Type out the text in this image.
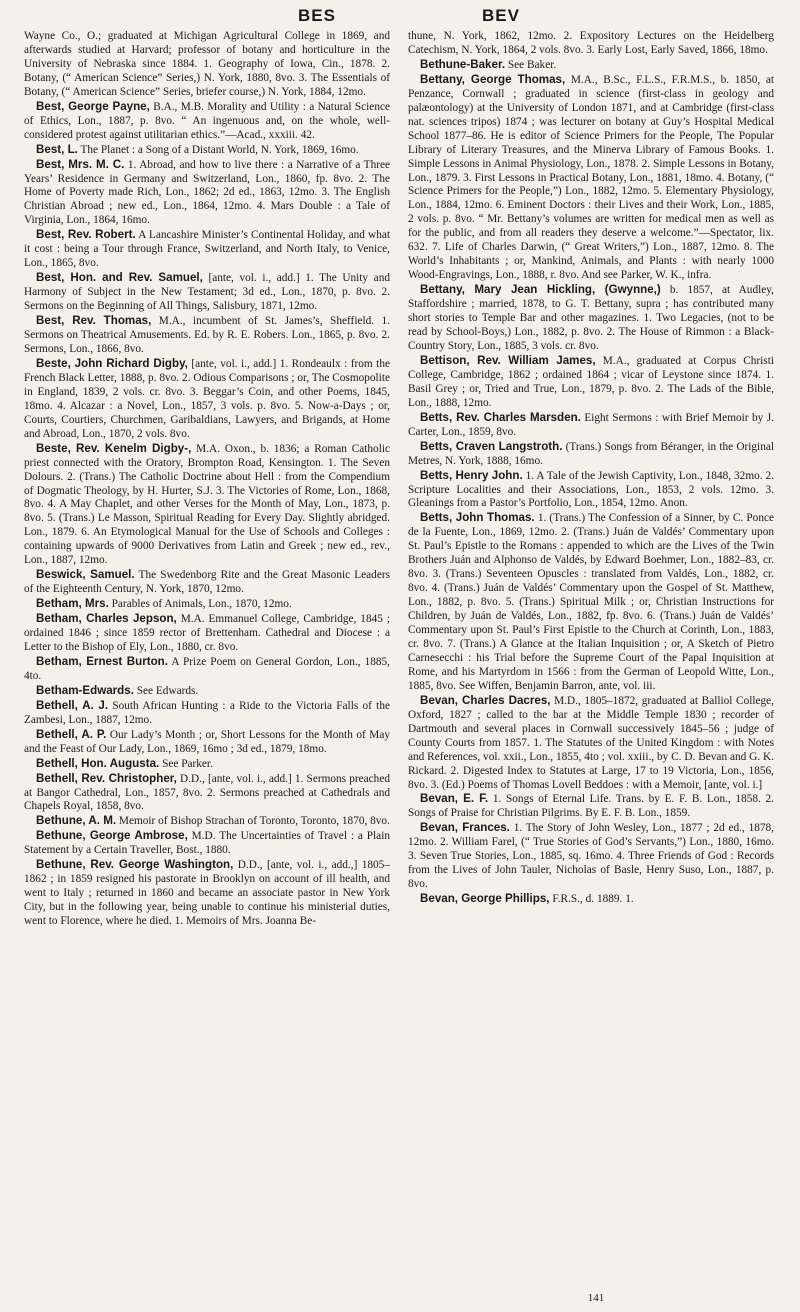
BES	BEV

Wayne Co., O.; graduated at Michigan Agricultural College in 1869, and afterwards studied at Harvard; professor of botany and horticulture in the University of Nebraska since 1884. 1. Geography of Iowa, Cin., 1878. 2. Botany, (“ American Science” Series,) N. York, 1880, 8vo. 3. The Essentials of Botany, (“ American Science” Series, briefer course,) N. York, 1884, 12mo.

Best, George Payne, B.A., M.B. Morality and Utility : a Natural Science of Ethics, Lon., 1887, p. 8vo. “ An ingenuous and, on the whole, well-considered protest against utilitarian ethics.”—Acad., xxxiii. 42.

Best, L. The Planet : a Song of a Distant World, N. York, 1869, 16mo.

Best, Mrs. M. C. 1. Abroad, and how to live there : a Narrative of a Three Years’ Residence in Germany and Switzerland, Lon., 1860, fp. 8vo. 2. The Home of Poverty made Rich, Lon., 1862; 2d ed., 1863, 12mo. 3. The English Christian Abroad ; new ed., Lon., 1864, 12mo. 4. Mars Double : a Tale of Virginia, Lon., 1864, 16mo.

Best, Rev. Robert. A Lancashire Minister’s Continental Holiday, and what it cost : being a Tour through France, Switzerland, and North Italy, to Venice, Lon., 1865, 8vo.

Best, Hon. and Rev. Samuel, [ante, vol. i., add.] 1. The Unity and Harmony of Subject in the New Testament; 3d ed., Lon., 1870, p. 8vo. 2. Sermons on the Beginning of All Things, Salisbury, 1871, 12mo.

Best, Rev. Thomas, M.A., incumbent of St. James’s, Sheffield. 1. Sermons on Theatrical Amusements. Ed. by R. E. Robers. Lon., 1865, p. 8vo. 2. Sermons, Lon., 1866, 8vo.

Beste, John Richard Digby, [ante, vol. i., add.] 1. Rondeaulx : from the French Black Letter, 1888, p. 8vo. 2. Odious Comparisons ; or, The Cosmopolite in England, 1839, 2 vols. cr. 8vo. 3. Beggar’s Coin, and other Poems, 1845, 18mo. 4. Alcazar : a Novel, Lon., 1857, 3 vols. p. 8vo. 5. Now-a-Days ; or, Courts, Courtiers, Churchmen, Garibaldians, Lawyers, and Brigands, at Home and Abroad, Lon., 1870, 2 vols. 8vo.

Beste, Rev. Kenelm Digby-, M.A. Oxon., b. 1836; a Roman Catholic priest connected with the Oratory, Brompton Road, Kensington. 1. The Seven Dolours. 2. (Trans.) The Catholic Doctrine about Hell : from the Compendium of Dogmatic Theology, by H. Hurter, S.J. 3. The Victories of Rome, Lon., 1868, 8vo. 4. A May Chaplet, and other Verses for the Month of May, Lon., 1873, p. 8vo. 5. (Trans.) Le Masson, Spiritual Reading for Every Day. Slightly abridged. Lon., 1879. 6. An Etymological Manual for the Use of Schools and Colleges : containing upwards of 9000 Derivatives from Latin and Greek ; new ed., rev., Lon., 1887, 12mo.

Beswick, Samuel. The Swedenborg Rite and the Great Masonic Leaders of the Eighteenth Century, N. York, 1870, 12mo.

Betham, Mrs. Parables of Animals, Lon., 1870, 12mo.

Betham, Charles Jepson, M.A. Emmanuel College, Cambridge, 1845 ; ordained 1846 ; since 1859 rector of Brettenham. Cathedral and Diocese : a Letter to the Bishop of Ely, Lon., 1880, cr. 8vo.

Betham, Ernest Burton. A Prize Poem on General Gordon, Lon., 1885, 4to.

Betham-Edwards. See Edwards.

Bethell, A. J. South African Hunting : a Ride to the Victoria Falls of the Zambesi, Lon., 1887, 12mo.

Bethell, A. P. Our Lady’s Month ; or, Short Lessons for the Month of May and the Feast of Our Lady, Lon., 1869, 16mo ; 3d ed., 1879, 18mo.

Bethell, Hon. Augusta. See Parker.

Bethell, Rev. Christopher, D.D., [ante, vol. i., add.] 1. Sermons preached at Bangor Cathedral, Lon., 1857, 8vo. 2. Sermons preached at Cathedrals and Chapels Royal, 1858, 8vo.

Bethune, A. M. Memoir of Bishop Strachan of Toronto, Toronto, 1870, 8vo.

Bethune, George Ambrose, M.D. The Uncertainties of Travel : a Plain Statement by a Certain Traveller, Bost., 1880.

Bethune, Rev. George Washington, D.D., [ante, vol. i., add.,] 1805–1862 ; in 1859 resigned his pastorate in Brooklyn on account of ill health, and went to Italy ; returned in 1860 and became an associate pastor in New York City, but in the following year, being unable to continue his ministerial duties, went to Florence, where he died. 1. Memoirs of Mrs. Joanna Be-

thune, N. York, 1862, 12mo. 2. Expository Lectures on the Heidelberg Catechism, N. York, 1864, 2 vols. 8vo. 3. Early Lost, Early Saved, 1866, 18mo.

Bethune-Baker. See Baker.

Bettany, George Thomas, M.A., B.Sc., F.L.S., F.R.M.S., b. 1850, at Penzance, Cornwall ; graduated in science (first-class in geology and palæontology) at the University of London 1871, and at Cambridge (first-class nat. sciences tripos) 1874 ; was lecturer on botany at Guy’s Hospital Medical School 1877–86. He is editor of Science Primers for the People, The Popular Library of Literary Treasures, and the Minerva Library of Famous Books. 1. Simple Lessons in Animal Physiology, Lon., 1878. 2. Simple Lessons in Botany, Lon., 1879. 3. First Lessons in Practical Botany, Lon., 1881, 18mo. 4. Botany, (“ Science Primers for the People,”) Lon., 1882, 12mo. 5. Elementary Physiology, Lon., 1884, 12mo. 6. Eminent Doctors : their Lives and their Work, Lon., 1885, 2 vols. p. 8vo. “ Mr. Bettany’s volumes are written for medical men as well as for the public, and from all readers they deserve a welcome.”—Spectator, lix. 632. 7. Life of Charles Darwin, (“ Great Writers,”) Lon., 1887, 12mo. 8. The World’s Inhabitants ; or, Mankind, Animals, and Plants : with nearly 1000 Wood-Engravings, Lon., 1888, r. 8vo. And see Parker, W. K., infra.

Bettany, Mary Jean Hickling, (Gwynne,) b. 1857, at Audley, Staffordshire ; married, 1878, to G. T. Bettany, supra ; has contributed many short stories to Temple Bar and other magazines. 1. Two Legacies, (not to be read by School-Boys,) Lon., 1882, p. 8vo. 2. The House of Rimmon : a Black-Country Story, Lon., 1885, 3 vols. cr. 8vo.

Bettison, Rev. William James, M.A., graduated at Corpus Christi College, Cambridge, 1862 ; ordained 1864 ; vicar of Leystone since 1874. 1. Basil Grey ; or, Tried and True, Lon., 1879, p. 8vo. 2. The Lads of the Bible, Lon., 1888, 12mo.

Betts, Rev. Charles Marsden. Eight Sermons : with Brief Memoir by J. Carter, Lon., 1859, 8vo.

Betts, Craven Langstroth. (Trans.) Songs from Béranger, in the Original Metres, N. York, 1888, 16mo.

Betts, Henry John. 1. A Tale of the Jewish Captivity, Lon., 1848, 32mo. 2. Scripture Localities and their Associations, Lon., 1853, 2 vols. 12mo. 3. Gleanings from a Pastor’s Portfolio, Lon., 1854, 12mo. Anon.

Betts, John Thomas. 1. (Trans.) The Confession of a Sinner, by C. Ponce de la Fuente, Lon., 1869, 12mo. 2. (Trans.) Juán de Valdés’ Commentary upon St. Paul’s Epistle to the Romans : appended to which are the Lives of the Twin Brothers Juán and Alphonso de Valdés, by Edward Boehmer, Lon., 1882–83, cr. 8vo. 3. (Trans.) Seventeen Opuscles : translated from Valdés, Lon., 1882, cr. 8vo. 4. (Trans.) Juán de Valdés’ Commentary upon the Gospel of St. Matthew, Lon., 1882, p. 8vo. 5. (Trans.) Spiritual Milk ; or, Christian Instructions for Children, by Juán de Valdés, Lon., 1882, fp. 8vo. 6. (Trans.) Juán de Valdés’ Commentary upon St. Paul’s First Epistle to the Church at Corinth, Lon., 1883, cr. 8vo. 7. (Trans.) A Glance at the Italian Inquisition ; or, A Sketch of Pietro Carnesecchi : his Trial before the Supreme Court of the Papal Inquisition at Rome, and his Martyrdom in 1566 : from the German of Leopold Witte, Lon., 1885, 8vo. See Wiffen, Benjamin Barron, ante, vol. iii.

Bevan, Charles Dacres, M.D., 1805–1872, graduated at Balliol College, Oxford, 1827 ; called to the bar at the Middle Temple 1830 ; recorder of Dartmouth and several places in Cornwall successively 1845–56 ; judge of County Courts from 1857. 1. The Statutes of the United Kingdom : with Notes and References, vol. xxii., Lon., 1855, 4to ; vol. xxiii., by C. D. Bevan and G. K. Rickard. 2. Digested Index to Statutes at Large, 17 to 19 Victoria, Lon., 1856, 8vo. 3. (Ed.) Poems of Thomas Lovell Beddoes : with a Memoir, [ante, vol. i.]

Bevan, E. F. 1. Songs of Eternal Life. Trans. by E. F. B. Lon., 1858. 2. Songs of Praise for Christian Pilgrims. By E. F. B. Lon., 1859.

Bevan, Frances. 1. The Story of John Wesley, Lon., 1877 ; 2d ed., 1878, 12mo. 2. William Farel, (“ True Stories of God’s Servants,”) Lon., 1880, 16mo. 3. Seven True Stories, Lon., 1885, sq. 16mo. 4. Three Friends of God : Records from the Lives of John Tauler, Nicholas of Basle, Henry Suso, Lon., 1887, p. 8vo.

Bevan, George Phillips, F.R.S., d. 1889. 1.

141
